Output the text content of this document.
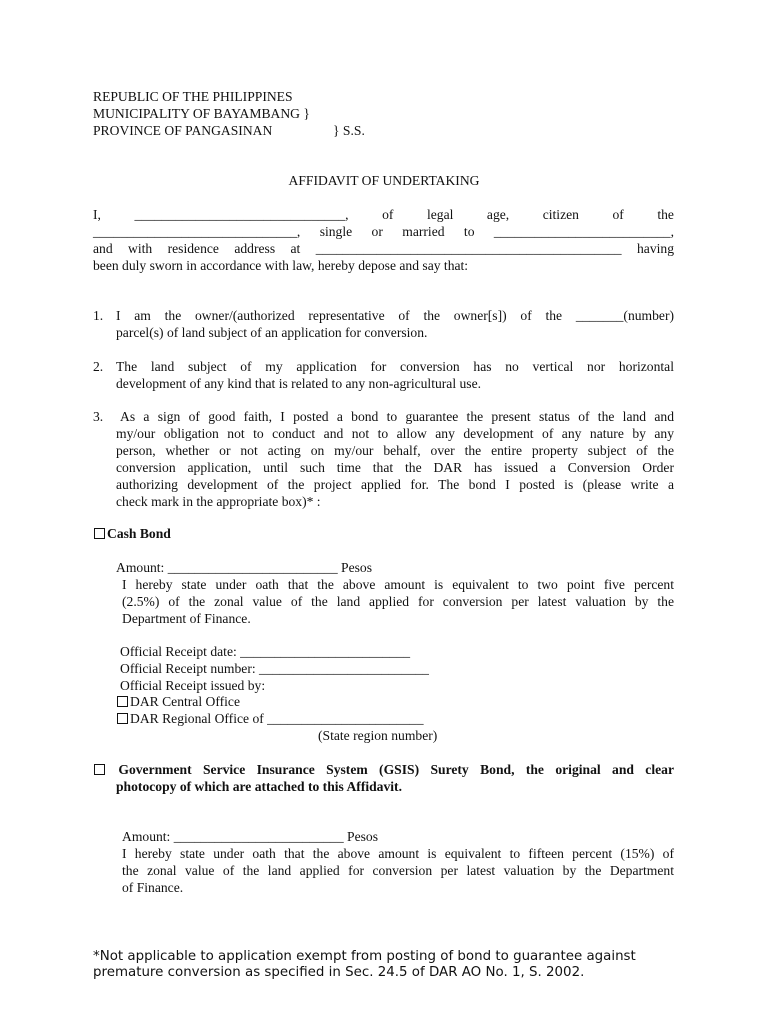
REPUBLIC OF THE PHILIPPINES
MUNICIPALITY OF BAYAMBANG }
PROVINCE OF PANGASINAN	} S.S.
AFFIDAVIT OF UNDERTAKING
I, _______________________________, of legal age, citizen of the
______________________________, single or married to __________________________,
and with residence address at _____________________________________________ having
been duly sworn in accordance with law, hereby depose and say that:
1. I am the owner/(authorized representative of the owner[s]) of the _______(number)
parcel(s) of land subject of an application for conversion.
2. The land subject of my application for conversion has no vertical nor horizontal
development of any kind that is related to any non-agricultural use.
3. As a sign of good faith, I posted a bond to guarantee the present status of the land and
my/our obligation not to conduct and not to allow any development of any nature by any
person, whether or not acting on my/our behalf, over the entire property subject of the
conversion application, until such time that the DAR has issued a Conversion Order
authorizing development of the project applied for. The bond I posted is (please write a
check mark in the appropriate box)* :
Cash Bond
Amount: _________________________ Pesos
I hereby state under oath that the above amount is equivalent to two point five percent
(2.5%) of the zonal value of the land applied for conversion per latest valuation by the
Department of Finance.
Official Receipt date: _________________________
Official Receipt number: _________________________
Official Receipt issued by:
DAR Central Office
DAR Regional Office of _______________________
(State region number)
Government Service Insurance System (GSIS) Surety Bond, the original and clear
photocopy of which are attached to this Affidavit.
Amount: _________________________ Pesos
I hereby state under oath that the above amount is equivalent to fifteen percent (15%) of
the zonal value of the land applied for conversion per latest valuation by the Department
of Finance.
*Not applicable to application exempt from posting of bond to guarantee against
premature conversion as specified in Sec. 24.5 of DAR AO No. 1, S. 2002.
